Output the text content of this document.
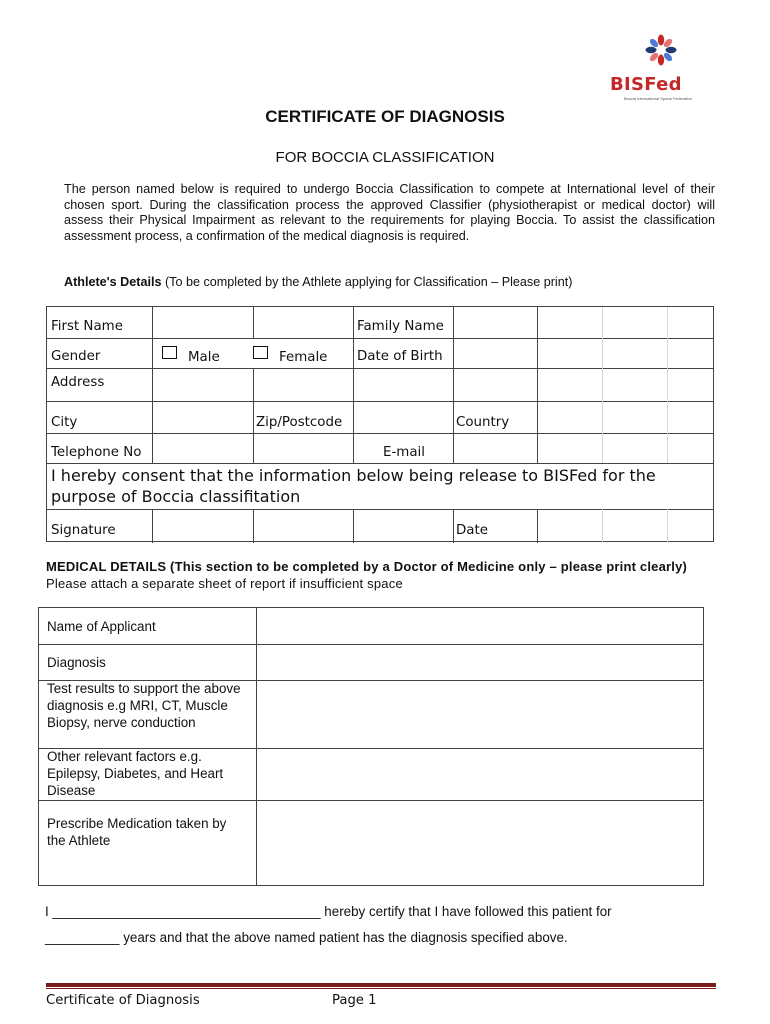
BISFed
Boccia International Sports Federation
CERTIFICATE OF DIAGNOSIS
FOR BOCCIA CLASSIFICATION
The person named below is required to undergo Boccia Classification to compete at International level of their chosen sport. During the classification process the approved Classifier (physiotherapist or medical doctor) will assess their Physical Impairment as relevant to the requirements for playing Boccia. To assist the classification assessment process, a confirmation of the medical diagnosis is required.
Athlete's Details (To be completed by the Athlete applying for Classification – Please print)
First Name	Family Name
Gender	Male	Female Date of Birth
Address
City	Zip/Postcode	Country
Telephone No	E-mail
I hereby consent that the information below being release to BISFed for the purpose of Boccia classifitation
Signature	Date
MEDICAL DETAILS (This section to be completed by a Doctor of Medicine only – please print clearly) Please attach a separate sheet of report if insufficient space
Name of Applicant
Diagnosis
Test results to support the above diagnosis e.g MRI, CT, Muscle Biopsy, nerve conduction
Other relevant factors e.g. Epilepsy, Diabetes, and Heart Disease
Prescribe Medication taken by the Athlete
I ____________________________________ hereby certify that I have followed this patient for
__________ years and that the above named patient has the diagnosis specified above.
Certificate of Diagnosis	Page 1
